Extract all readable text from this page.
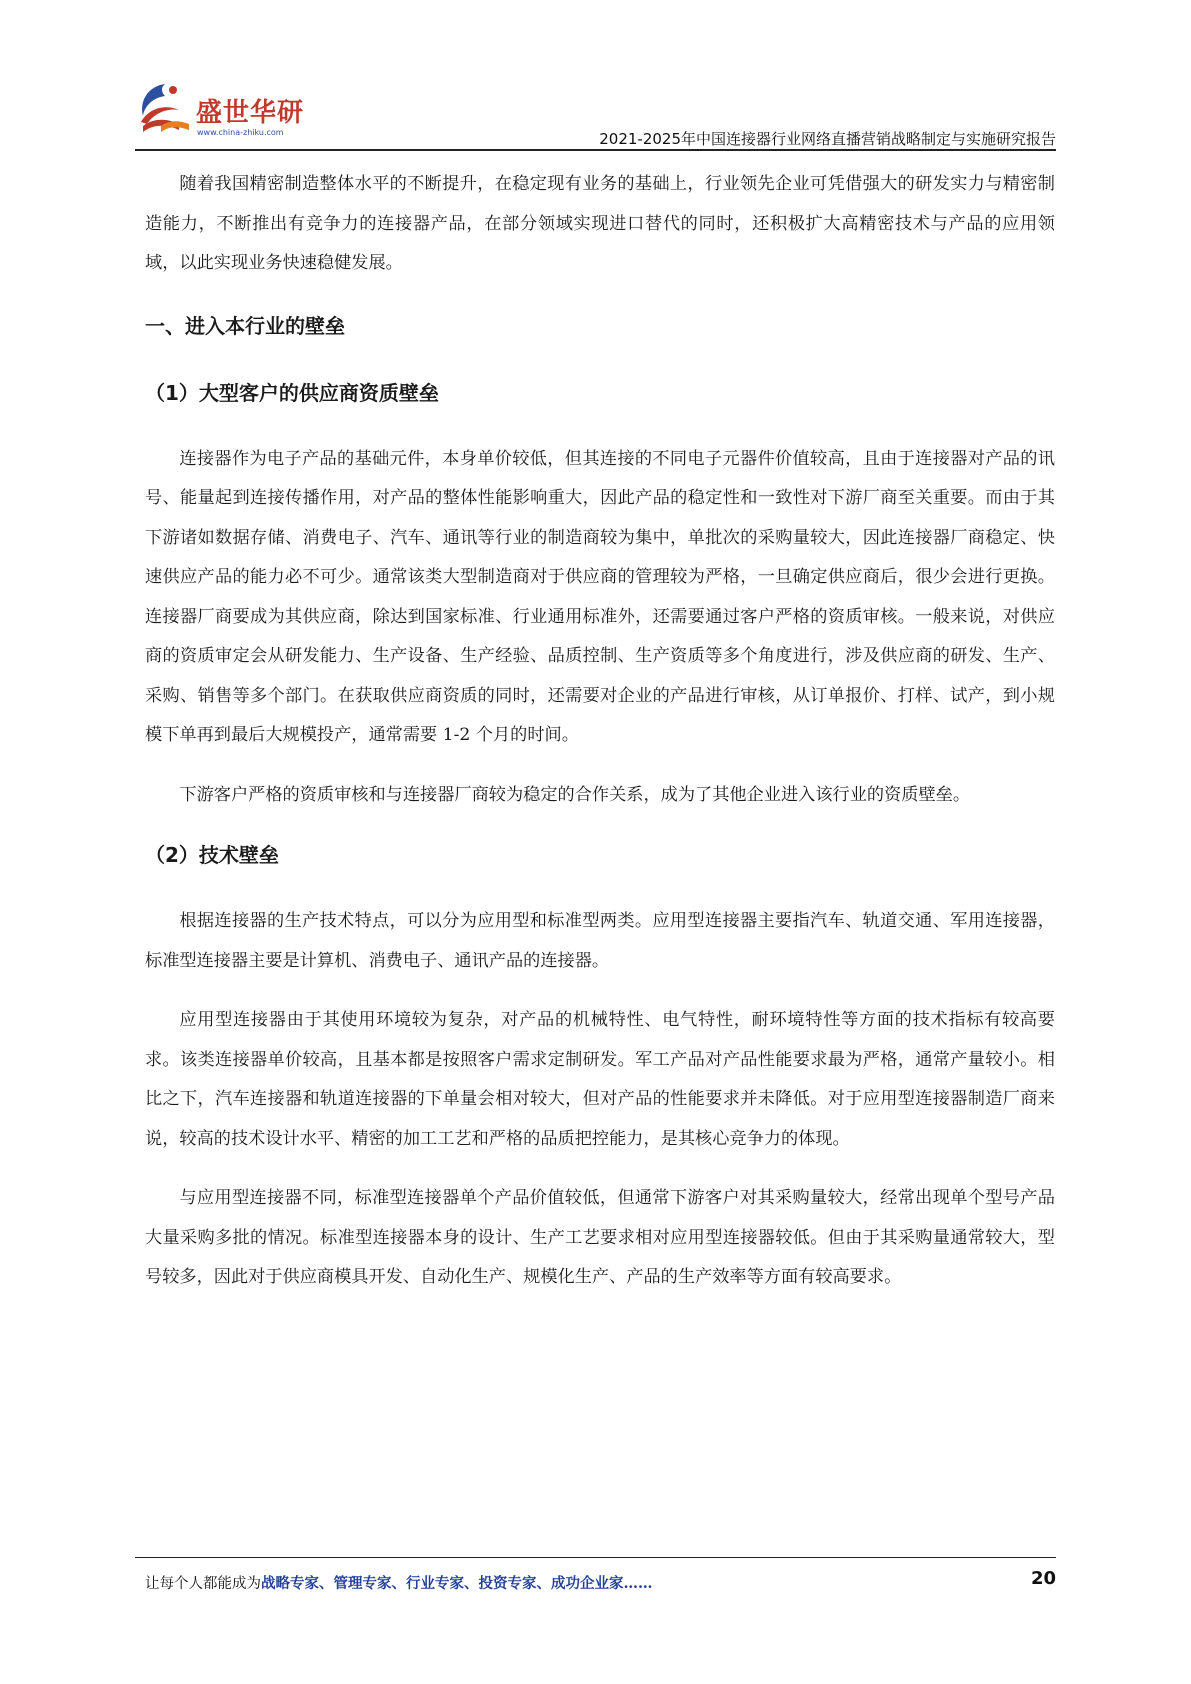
盛世华研
www.china-zhiku.com	2021-2025年中国连接器行业网络直播营销战略制定与实施研究报告

随着我国精密制造整体水平的不断提升，在稳定现有业务的基础上，行业领先企业可凭借强大的研发实力与精密制造能力，不断推出有竞争力的连接器产品，在部分领域实现进口替代的同时，还积极扩大高精密技术与产品的应用领域，以此实现业务快速稳健发展。

一、进入本行业的壁垒
（1）大型客户的供应商资质壁垒

连接器作为电子产品的基础元件，本身单价较低，但其连接的不同电子元器件价值较高，且由于连接器对产品的讯号、能量起到连接传播作用，对产品的整体性能影响重大，因此产品的稳定性和一致性对下游厂商至关重要。而由于其下游诸如数据存储、消费电子、汽车、通讯等行业的制造商较为集中，单批次的采购量较大，因此连接器厂商稳定、快速供应产品的能力必不可少。通常该类大型制造商对于供应商的管理较为严格，一旦确定供应商后，很少会进行更换。连接器厂商要成为其供应商，除达到国家标准、行业通用标准外，还需要通过客户严格的资质审核。一般来说，对供应商的资质审定会从研发能力、生产设备、生产经验、品质控制、生产资质等多个角度进行，涉及供应商的研发、生产、采购、销售等多个部门。在获取供应商资质的同时，还需要对企业的产品进行审核，从订单报价、打样、试产，到小规模下单再到最后大规模投产，通常需要 1-2 个月的时间。

下游客户严格的资质审核和与连接器厂商较为稳定的合作关系，成为了其他企业进入该行业的资质壁垒。

（2）技术壁垒

根据连接器的生产技术特点，可以分为应用型和标准型两类。应用型连接器主要指汽车、轨道交通、军用连接器，标准型连接器主要是计算机、消费电子、通讯产品的连接器。

应用型连接器由于其使用环境较为复杂，对产品的机械特性、电气特性，耐环境特性等方面的技术指标有较高要求。该类连接器单价较高，且基本都是按照客户需求定制研发。军工产品对产品性能要求最为严格，通常产量较小。相比之下，汽车连接器和轨道连接器的下单量会相对较大，但对产品的性能要求并未降低。对于应用型连接器制造厂商来说，较高的技术设计水平、精密的加工工艺和严格的品质把控能力，是其核心竞争力的体现。

与应用型连接器不同，标准型连接器单个产品价值较低，但通常下游客户对其采购量较大，经常出现单个型号产品大量采购多批的情况。标准型连接器本身的设计、生产工艺要求相对应用型连接器较低。但由于其采购量通常较大，型号较多，因此对于供应商模具开发、自动化生产、规模化生产、产品的生产效率等方面有较高要求。

让每个人都能成为战略专家、管理专家、行业专家、投资专家、成功企业家……	20
